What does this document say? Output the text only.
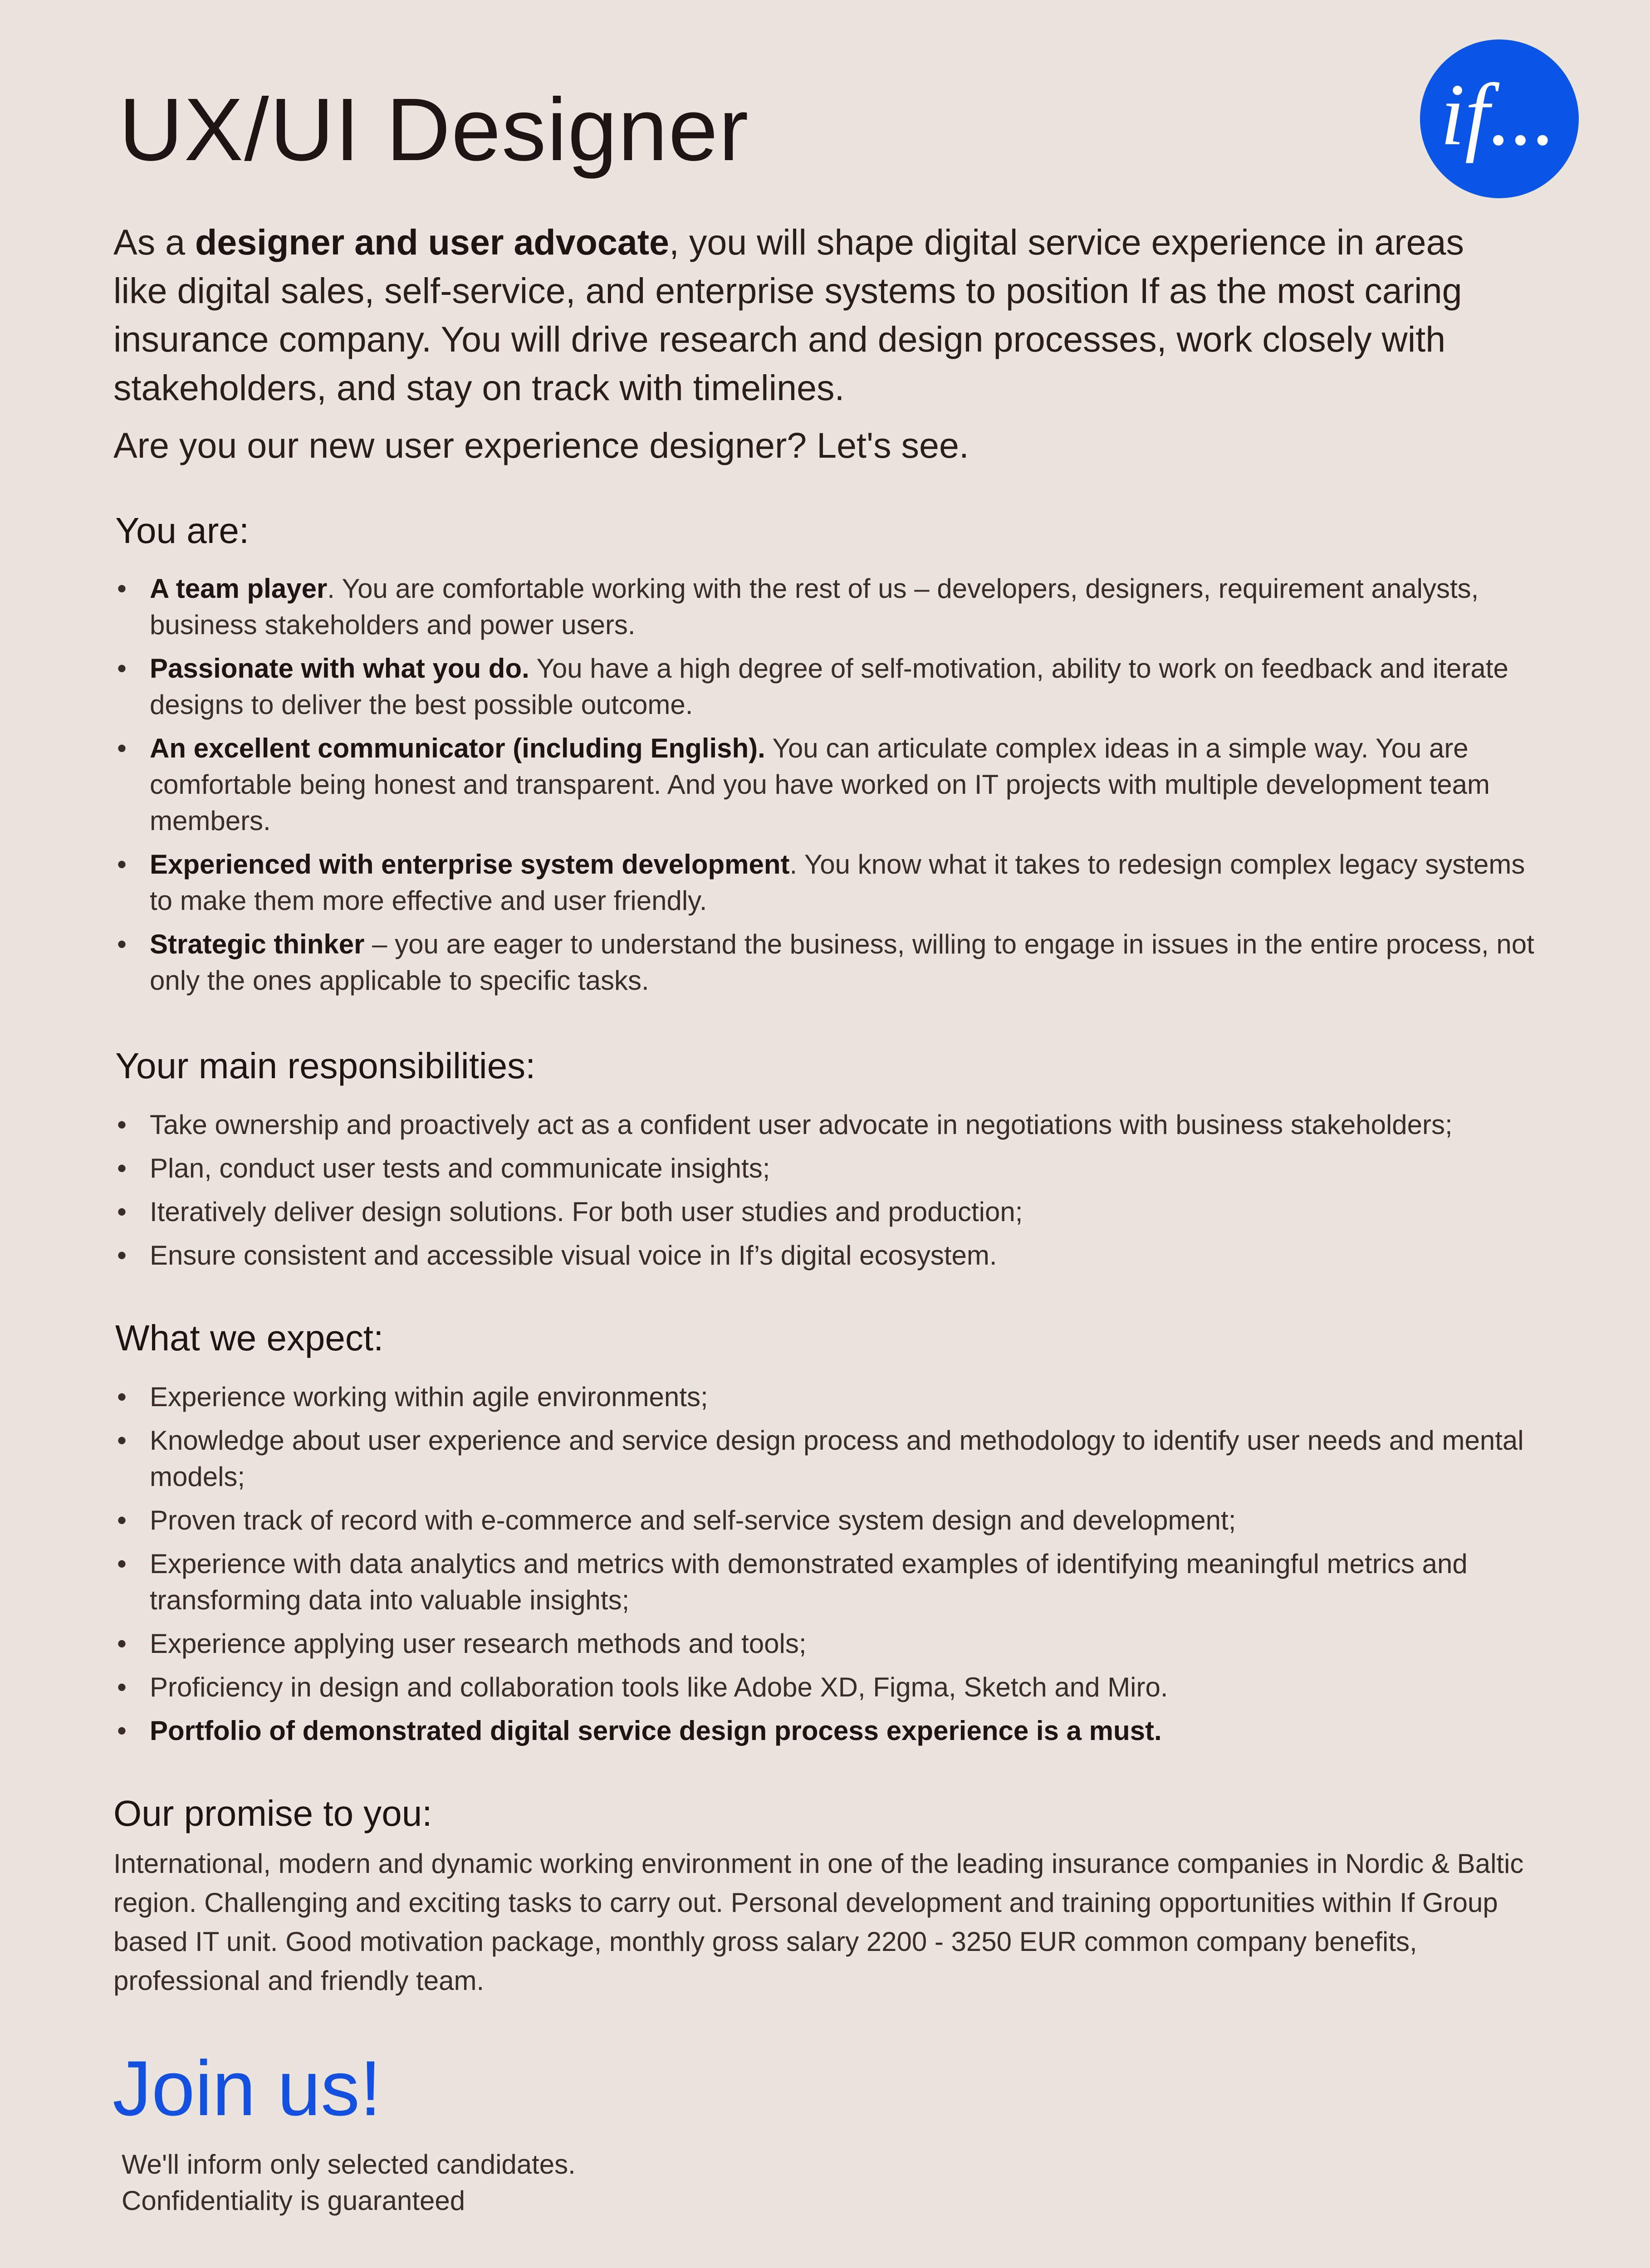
if...
UX/UI Designer

As a designer and user advocate, you will shape digital service experience in areas like digital sales, self-service, and enterprise systems to position If as the most caring insurance company. You will drive research and design processes, work closely with stakeholders, and stay on track with timelines.

Are you our new user experience designer? Let's see.

You are:
• A team player. You are comfortable working with the rest of us – developers, designers, requirement analysts, business stakeholders and power users.
• Passionate with what you do. You have a high degree of self-motivation, ability to work on feedback and iterate designs to deliver the best possible outcome.
• An excellent communicator (including English). You can articulate complex ideas in a simple way. You are comfortable being honest and transparent. And you have worked on IT projects with multiple development team members.
• Experienced with enterprise system development. You know what it takes to redesign complex legacy systems to make them more effective and user friendly.
• Strategic thinker – you are eager to understand the business, willing to engage in issues in the entire process, not only the ones applicable to specific tasks.
Your main responsibilities:
• Take ownership and proactively act as a confident user advocate in negotiations with business stakeholders;
• Plan, conduct user tests and communicate insights;
• Iteratively deliver design solutions. For both user studies and production;
• Ensure consistent and accessible visual voice in If’s digital ecosystem.
What we expect:
• Experience working within agile environments;
• Knowledge about user experience and service design process and methodology to identify user needs and mental models;
• Proven track of record with e-commerce and self-service system design and development;
• Experience with data analytics and metrics with demonstrated examples of identifying meaningful metrics and transforming data into valuable insights;
• Experience applying user research methods and tools;
• Proficiency in design and collaboration tools like Adobe XD, Figma, Sketch and Miro.
• Portfolio of demonstrated digital service design process experience is a must.
Our promise to you:

International, modern and dynamic working environment in one of the leading insurance companies in Nordic & Baltic region. Challenging and exciting tasks to carry out. Personal development and training opportunities within If Group based IT unit. Good motivation package, monthly gross salary 2200 - 3250 EUR common company benefits, professional and friendly team.

Join us!
We'll inform only selected candidates.
Confidentiality is guaranteed
